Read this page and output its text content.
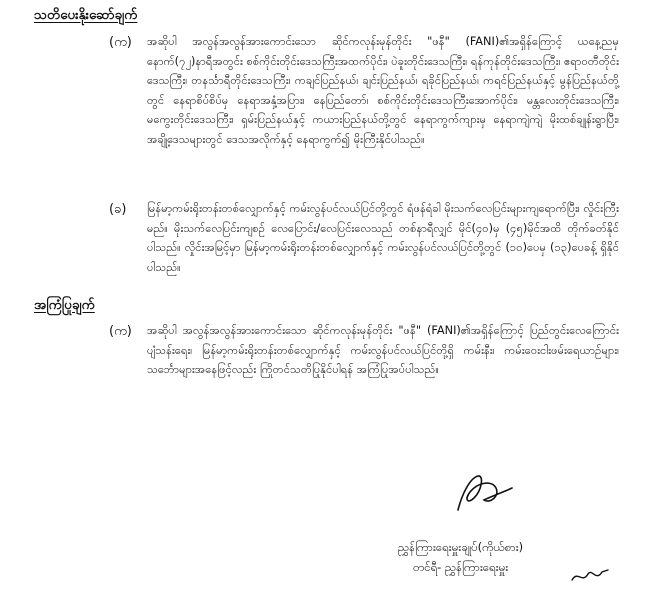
သတိပေးနိုးဆော်ချက်
(က) အဆိုပါ အလွန်အလွန်အားကောင်းသော ဆိုင်ကလုန်းမုန်တိုင်း "ဖနီ" (FANI)၏အရှိန်ကြောင့် ယနေ့ညမှ နောက်(၇၂)နာရီအတွင်း စစ်ကိုင်းတိုင်းဒေသကြီးအထက်ပိုင်း၊ ပဲခူးတိုင်းဒေသကြီး၊ ရန်ကုန်တိုင်းဒေသကြီး၊ ဧရာဝတီတိုင်းဒေသကြီး၊ တနင်္သာရီတိုင်းဒေသကြီး၊ ကချင်ပြည်နယ်၊ ချင်းပြည်နယ်၊ ရခိုင်ပြည်နယ်၊ ကရင်ပြည်နယ်နှင့် မွန်ပြည်နယ်တို့တွင် နေရာစိပ်စိပ်မှ နေရာအနှံ့အပြား၊ နေပြည်တော်၊ စစ်ကိုင်းတိုင်းဒေသကြီးအောက်ပိုင်း၊ မန္တလေးတိုင်းဒေသကြီး၊ မကွေးတိုင်းဒေသကြီး၊ ရှမ်းပြည်နယ်နှင့် ကယားပြည်နယ်တို့တွင် နေရာကွက်ကျားမှ နေရာကျဲကျဲ မိုးထစ်ချုန်းရွာပြီး၊ အချို့ဒေသများတွင် ဒေသအလိုက်နှင့် နေရာကွက်၍ မိုးကြီးနိုင်ပါသည်။
(ခ) မြန်မာ့ကမ်းရိုးတန်းတစ်လျှောက်နှင့် ကမ်းလွန်ပင်လယ်ပြင်တို့တွင် ရံဖန်ရံခါ မိုးသက်လေပြင်းများကျရောက်ပြီး၊ လှိုင်းကြီးမည်။ မိုးသက်လေပြင်းကျစဉ် လေပြောင်း/လေပြင်းလေသည် တစ်နာရီလျှင် မိုင်(၄၀)မှ (၄၅)မိုင်အထိ တိုက်ခတ်နိုင်ပါသည်။ လှိုင်းအမြင့်မှာ မြန်မာ့ကမ်းရိုးတန်းတစ်လျှောက်နှင့် ကမ်းလွန်ပင်လယ်ပြင်တို့တွင် (၁၀)ပေမှ (၁၃)ပေခန့် ရှိနိုင်ပါသည်။
အကြံပြုချက်
(က) အဆိုပါ အလွန်အလွန်အားကောင်းသော ဆိုင်ကလုန်းမုန်တိုင်း "ဖနီ" (FANI)၏အရှိန်ကြောင့် ပြည်တွင်းလေကြောင်းပျံသန်းရေး၊ မြန်မာ့ကမ်းရိုးတန်းတစ်လျှောက်နှင့် ကမ်းလွန်ပင်လယ်ပြင်တို့ရှိ ကမ်းနီး၊ ကမ်းဝေးငါးဖမ်းရေယာဉ်များ၊ သင်္ဘောများအနေဖြင့်လည်း ကြိုတင်သတိပြုနိုင်ပါရန် အကြံပြုအပ်ပါသည်။
ညွှန်ကြားရေးမှူးချုပ်(ကိုယ်စား)
တင်ရီ- ညွှန်ကြားရေးမှူး
